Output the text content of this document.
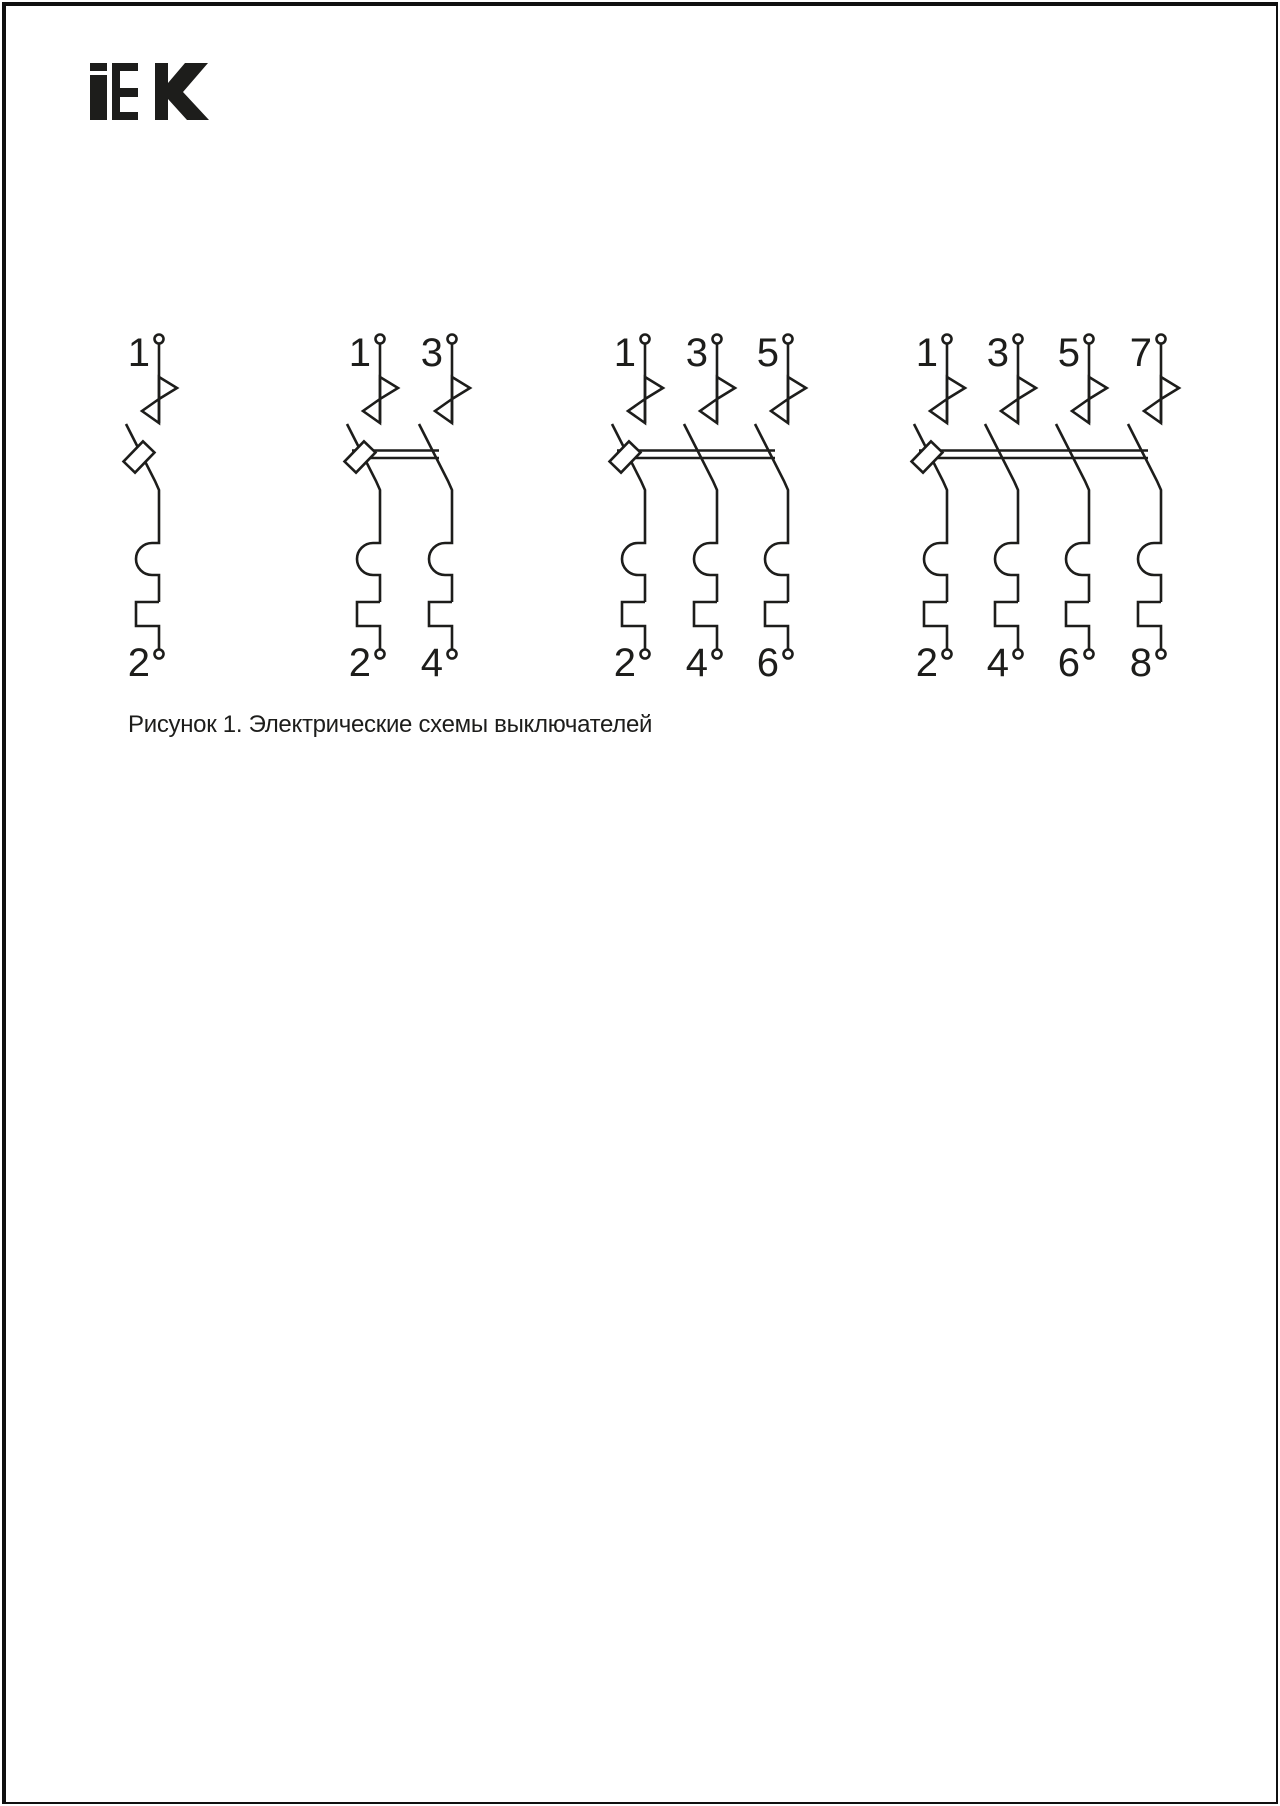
1
2
1
2
3
4
1
2
3
4
5
6
1
2
3
4
5
6
7
8
Рисунок 1. Электрические схемы выключателей
